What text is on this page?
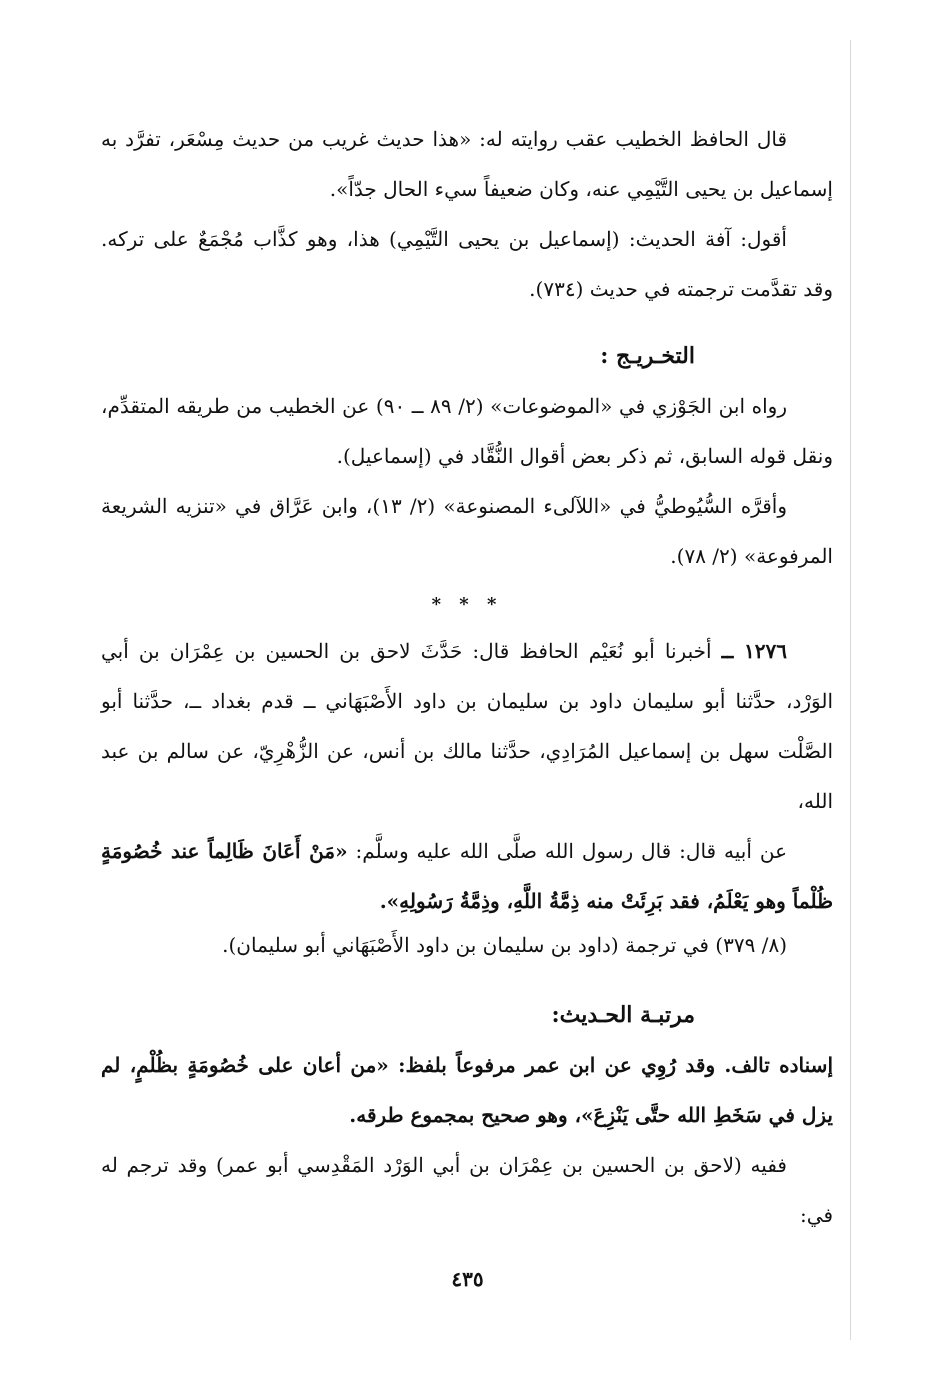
قال الحافظ الخطيب عقب روايته له: «هذا حديث غريب من حديث مِسْعَر، تفرَّد به إسماعيل بن يحيى التَّيْمِي عنه، وكان ضعيفاً سيء الحال جدّاً».

أقول: آفة الحديث: (إسماعيل بن يحيى التَّيْمِي) هذا، وهو كذَّاب مُجْمَعٌ على تركه. وقد تقدَّمت ترجمته في حديث (٧٣٤).

التخـريـج :

رواه ابن الجَوْزي في «الموضوعات» (٢/ ٨٩ ــ ٩٠) عن الخطيب من طريقه المتقدِّم، ونقل قوله السابق، ثم ذكر بعض أقوال النُّقَّاد في (إسماعيل).

وأقرَّه السُّيُوطيُّ في «اللآلىء المصنوعة» (٢/ ١٣)، وابن عَرَّاق في «تنزيه الشريعة المرفوعة» (٢/ ٧٨).

* * *

١٢٧٦ ــ أخبرنا أبو نُعَيْم الحافظ قال: حَدَّثَ لاحق بن الحسين بن عِمْرَان بن أبي الوَرْد، حدَّثنا أبو سليمان داود بن سليمان بن داود الأَصْبَهَاني ــ قدم بغداد ــ، حدَّثنا أبو الصَّلْت سهل بن إسماعيل المُرَادِي، حدَّثنا مالك بن أنس، عن الزُّهْرِيّ، عن سالم بن عبد الله،

عن أبيه قال: قال رسول الله صلَّى الله عليه وسلَّم: «مَنْ أَعَانَ ظَالِماً عند خُصُومَةٍ ظُلْماً وهو يَعْلَمُ، فقد بَرِئَتْ منه ذِمَّةُ اللَّهِ، وذِمَّةُ رَسُولِهِ».

(٨/ ٣٧٩) في ترجمة (داود بن سليمان بن داود الأَصْبَهَاني أبو سليمان).

مرتبـة الحـديث:

إسناده تالف. وقد رُوِي عن ابن عمر مرفوعاً بلفظ: «من أعان على خُصُومَةٍ بظُلْمٍ، لم يزل في سَخَطِ الله حتَّى يَنْزِعَ»، وهو صحيح بمجموع طرقه.

ففيه (لاحق بن الحسين بن عِمْرَان بن أبي الوَرْد المَقْدِسي أبو عمر) وقد ترجم له في:

٤٣٥
